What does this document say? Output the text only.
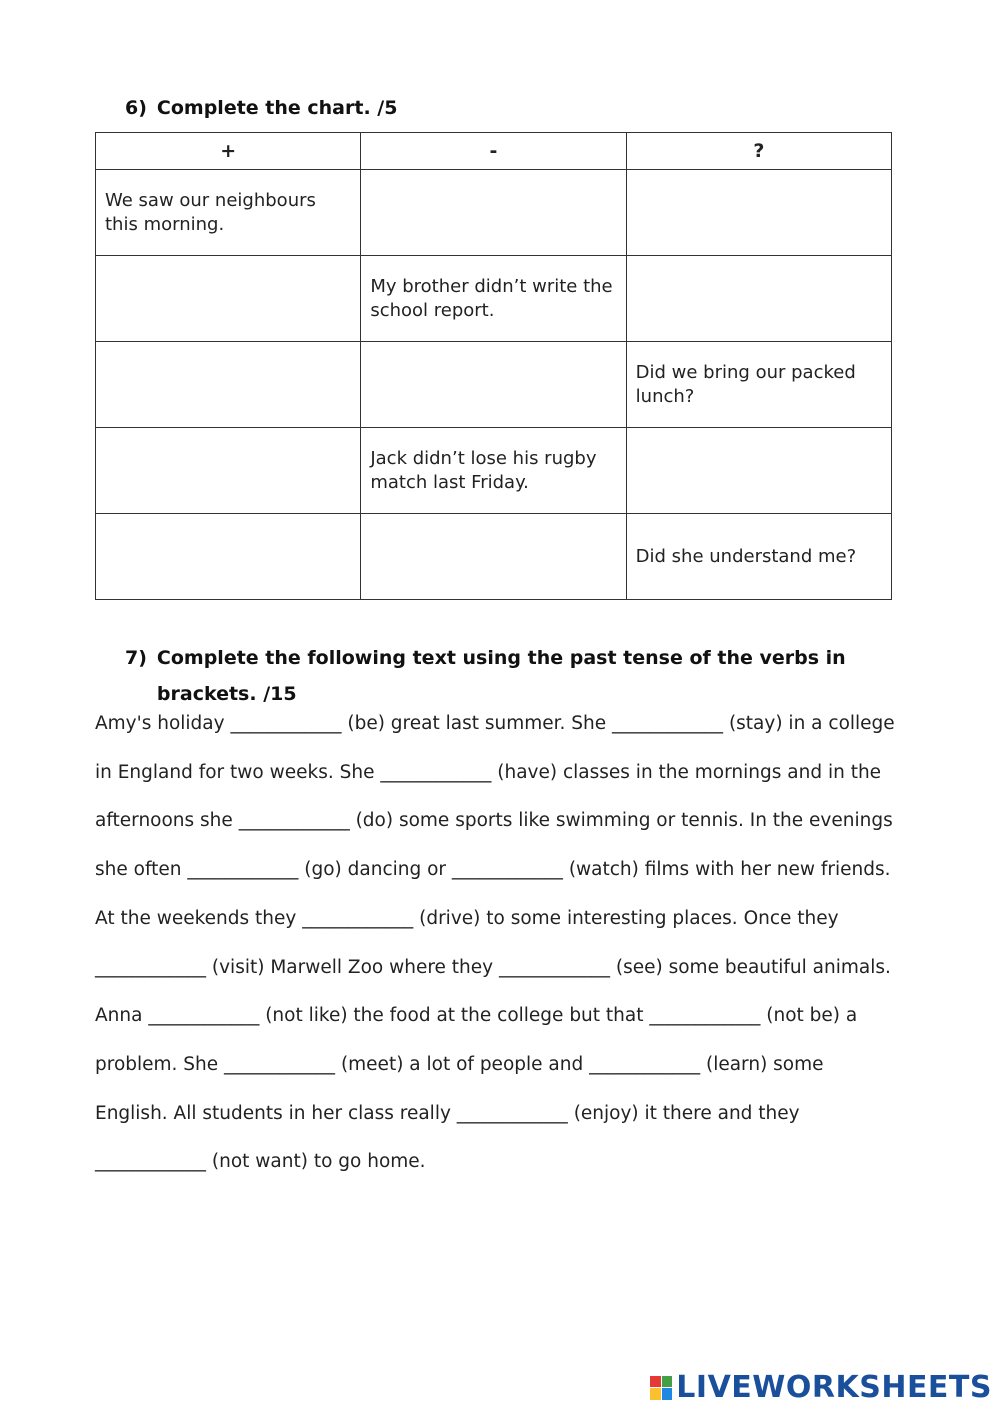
6) Complete the chart. /5
+	-	?
We saw our neighbours this morning.		
	My brother didn’t write the school report.	
		Did we bring our packed lunch?
	Jack didn’t lose his rugby match last Friday.	
		Did she understand me?
7) Complete the following text using the past tense of the verbs in brackets. /15

Amy's holiday ____________ (be) great last summer. She ____________ (stay) in a college in England for two weeks. She ____________ (have) classes in the mornings and in the afternoons she ____________ (do) some sports like swimming or tennis. In the evenings she often ____________ (go) dancing or ____________ (watch) films with her new friends. At the weekends they ____________ (drive) to some interesting places. Once they ____________ (visit) Marwell Zoo where they ____________ (see) some beautiful animals. Anna ____________ (not like) the food at the college but that ____________ (not be) a problem. She ____________ (meet) a lot of people and ____________ (learn) some English. All students in her class really ____________ (enjoy) it there and they ____________ (not want) to go home.

LIVEWORKSHEETS
